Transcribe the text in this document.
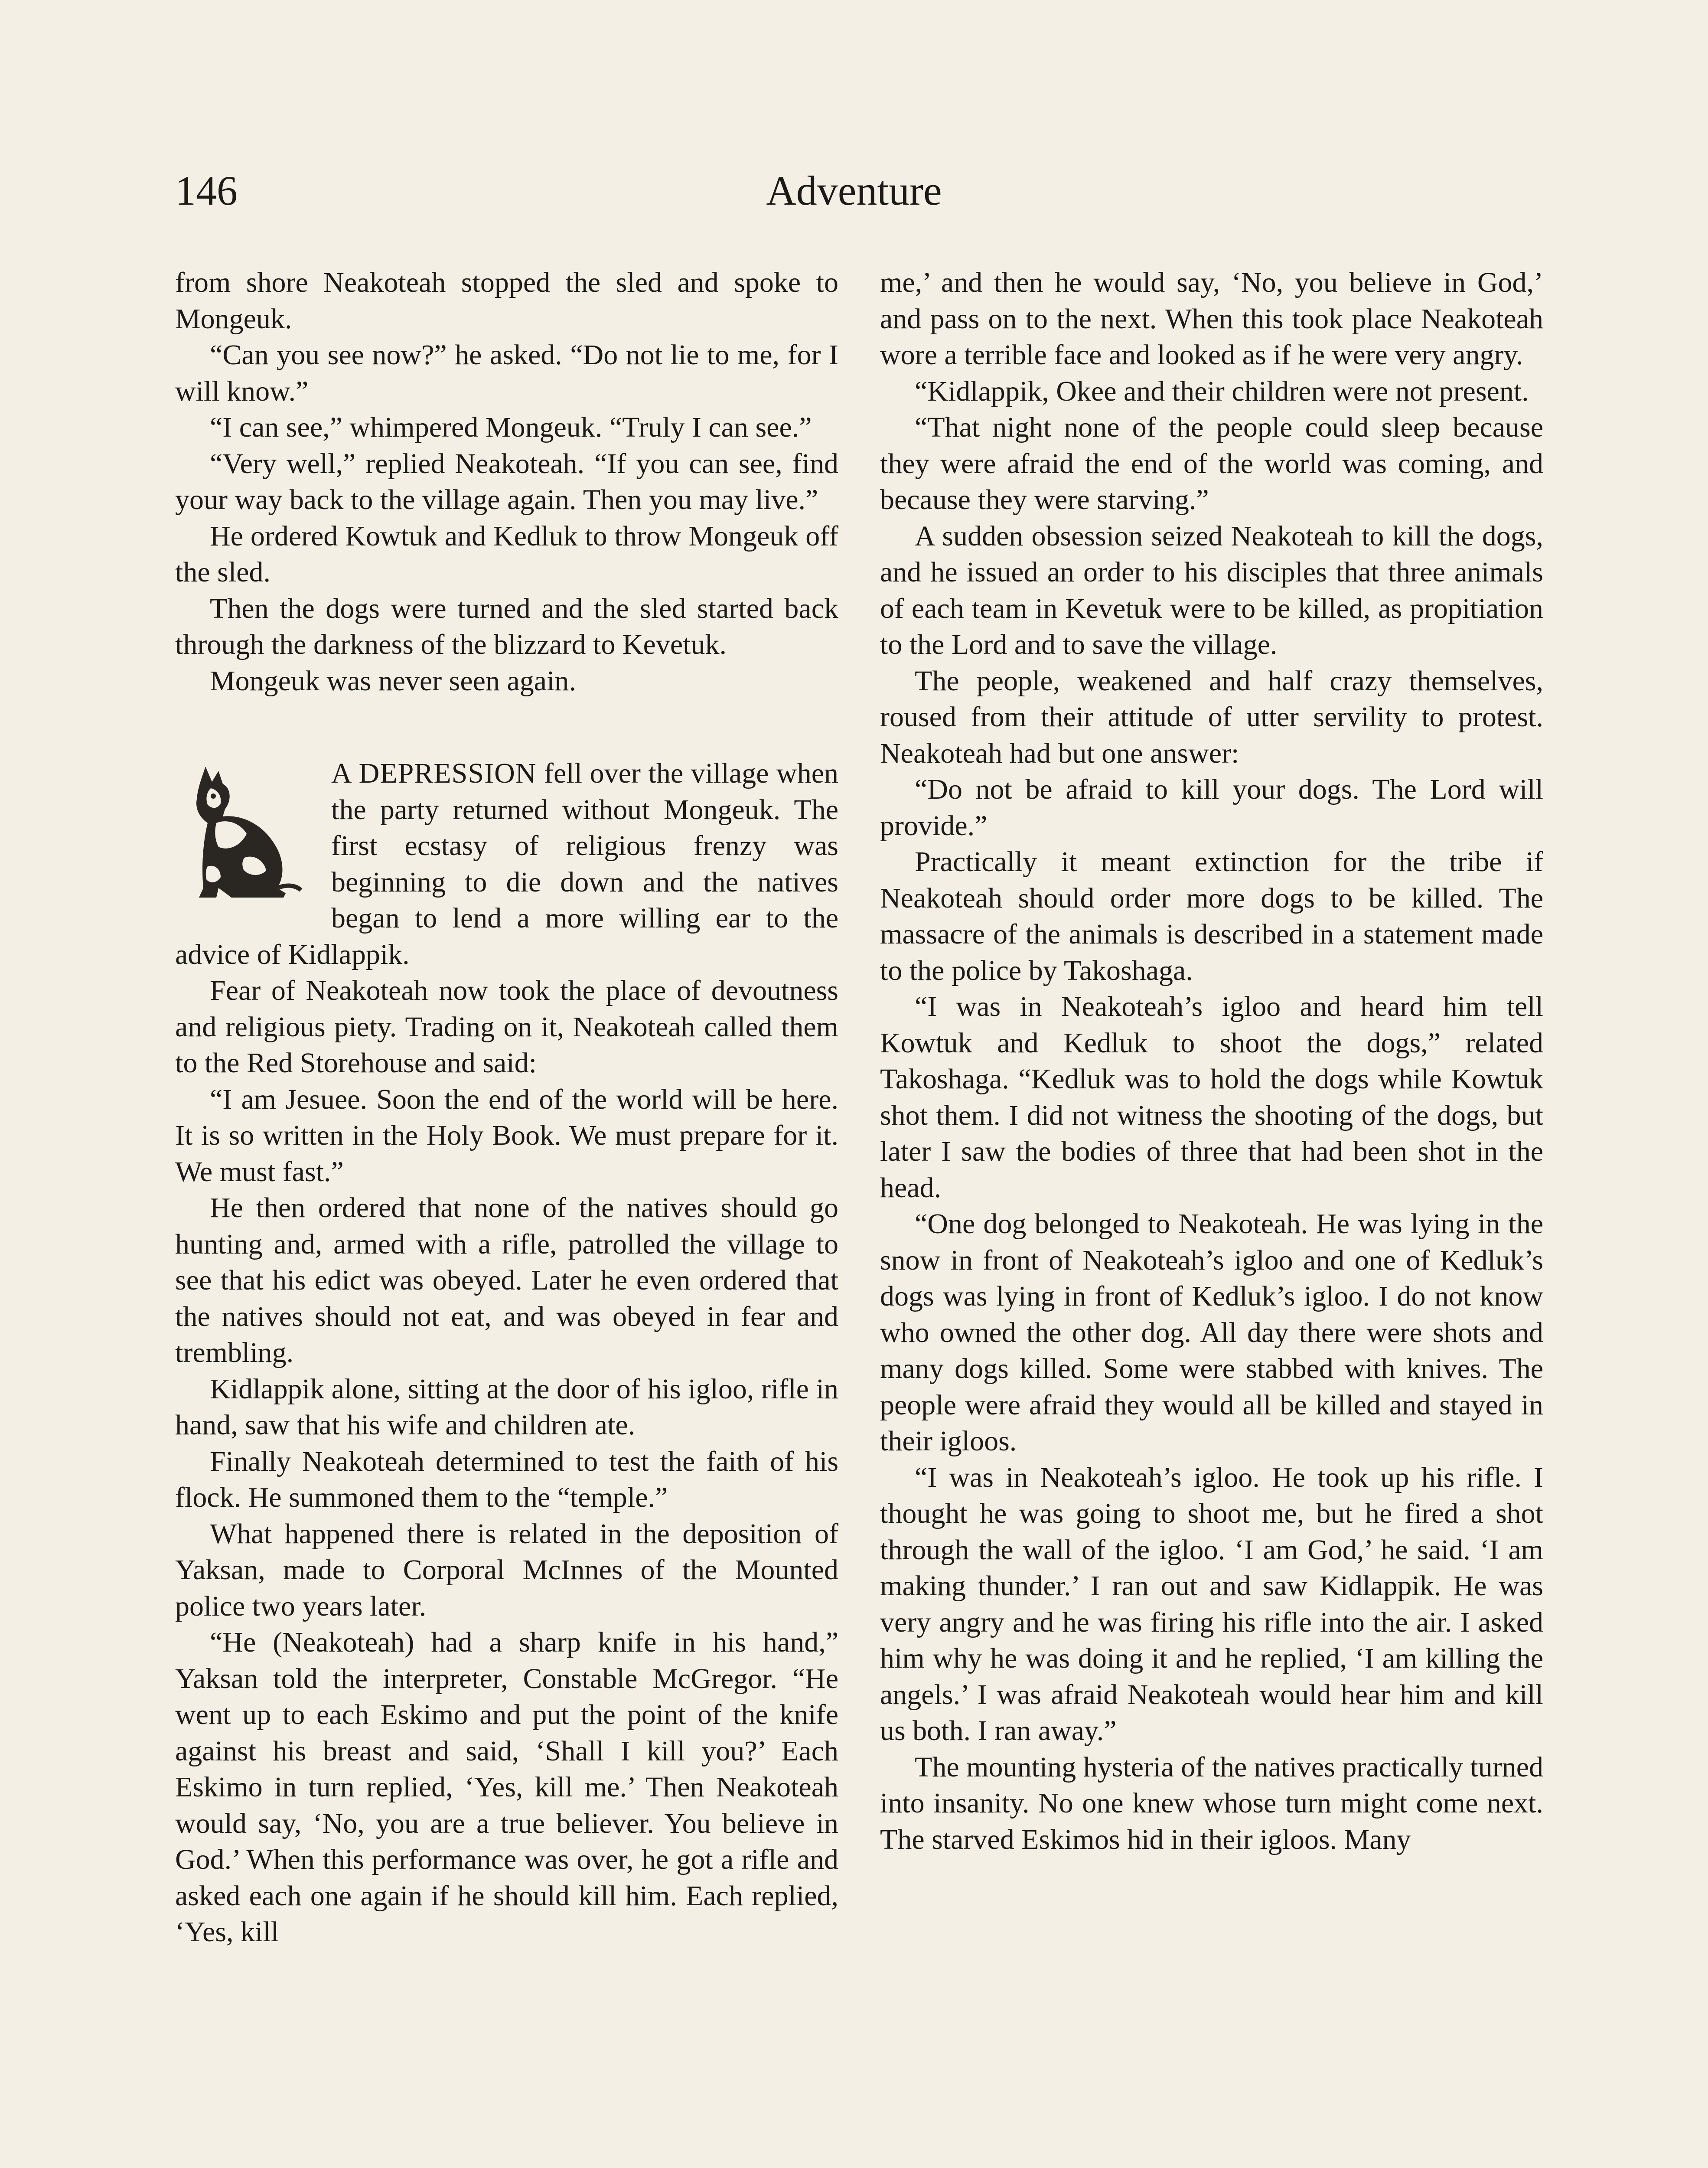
146	Adventure

from shore Neakoteah stopped the sled and spoke to Mongeuk.

“Can you see now?” he asked. “Do not lie to me, for I will know.”

“I can see,” whimpered Mongeuk. “Truly I can see.”

“Very well,” replied Neakoteah. “If you can see, find your way back to the village again. Then you may live.”

He ordered Kowtuk and Kedluk to throw Mongeuk off the sled.

Then the dogs were turned and the sled started back through the darkness of the blizzard to Kevetuk.

Mongeuk was never seen again.

A DEPRESSION fell over the village when the party returned without Mongeuk. The first ecstasy of religious frenzy was beginning to die down and the natives began to lend a more willing ear to the advice of Kidlappik.

Fear of Neakoteah now took the place of devoutness and religious piety. Trading on it, Neakoteah called them to the Red Storehouse and said:

“I am Jesuee. Soon the end of the world will be here. It is so written in the Holy Book. We must prepare for it. We must fast.”

He then ordered that none of the natives should go hunting and, armed with a rifle, patrolled the village to see that his edict was obeyed. Later he even ordered that the natives should not eat, and was obeyed in fear and trembling.

Kidlappik alone, sitting at the door of his igloo, rifle in hand, saw that his wife and children ate.

Finally Neakoteah determined to test the faith of his flock. He summoned them to the “temple.”

What happened there is related in the deposition of Yaksan, made to Corporal McInnes of the Mounted police two years later.

“He (Neakoteah) had a sharp knife in his hand,” Yaksan told the interpreter, Constable McGregor. “He went up to each Eskimo and put the point of the knife against his breast and said, ‘Shall I kill you?’ Each Eskimo in turn replied, ‘Yes, kill me.’ Then Neakoteah would say, ‘No, you are a true believer. You believe in God.’ When this performance was over, he got a rifle and asked each one again if he should kill him. Each replied, ‘Yes, kill

me,’ and then he would say, ‘No, you believe in God,’ and pass on to the next. When this took place Neakoteah wore a terrible face and looked as if he were very angry.

“Kidlappik, Okee and their children were not present.

“That night none of the people could sleep because they were afraid the end of the world was coming, and because they were starving.”

A sudden obsession seized Neakoteah to kill the dogs, and he issued an order to his disciples that three animals of each team in Kevetuk were to be killed, as propitiation to the Lord and to save the village.

The people, weakened and half crazy themselves, roused from their attitude of utter servility to protest. Neakoteah had but one answer:

“Do not be afraid to kill your dogs. The Lord will provide.”

Practically it meant extinction for the tribe if Neakoteah should order more dogs to be killed. The massacre of the animals is described in a statement made to the police by Takoshaga.

“I was in Neakoteah’s igloo and heard him tell Kowtuk and Kedluk to shoot the dogs,” related Takoshaga. “Kedluk was to hold the dogs while Kowtuk shot them. I did not witness the shooting of the dogs, but later I saw the bodies of three that had been shot in the head.

“One dog belonged to Neakoteah. He was lying in the snow in front of Neakoteah’s igloo and one of Kedluk’s dogs was lying in front of Kedluk’s igloo. I do not know who owned the other dog. All day there were shots and many dogs killed. Some were stabbed with knives. The people were afraid they would all be killed and stayed in their igloos.

“I was in Neakoteah’s igloo. He took up his rifle. I thought he was going to shoot me, but he fired a shot through the wall of the igloo. ‘I am God,’ he said. ‘I am making thunder.’ I ran out and saw Kidlappik. He was very angry and he was firing his rifle into the air. I asked him why he was doing it and he replied, ‘I am killing the angels.’ I was afraid Neakoteah would hear him and kill us both. I ran away.”

The mounting hysteria of the natives practically turned into insanity. No one knew whose turn might come next. The starved Eskimos hid in their igloos. Many
